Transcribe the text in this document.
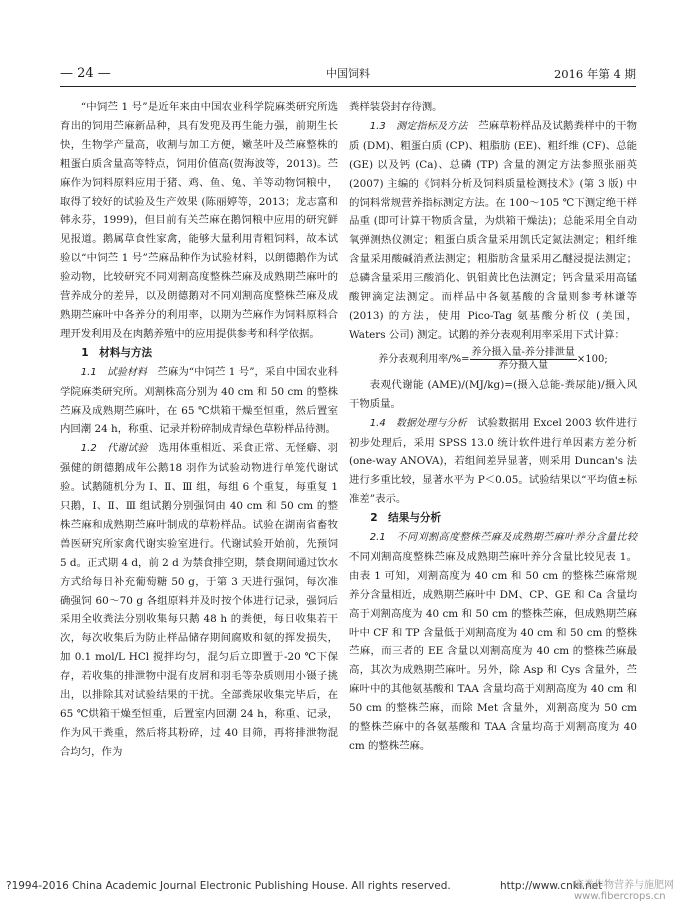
— 24 —	中国饲料	2016 年第 4 期

“中饲苎 1 号”是近年来由中国农业科学院麻类研究所选育出的饲用苎麻新品种，具有发兜及再生能力强，前期生长快，生物学产量高，收割与加工方便，嫩茎叶及苎麻整株的粗蛋白质含量高等特点，饲用价值高(贺海波等，2013)。苎麻作为饲料原料应用于猪、鸡、鱼、兔、羊等动物饲粮中，取得了较好的试验及生产效果 (陈丽婷等，2013；龙志富和韩永芬，1999)，但目前有关苎麻在鹅饲粮中应用的研究鲜见报道。鹅属草食性家禽，能够大量利用青粗饲料，故本试验以“中饲苎 1 号”苎麻品种作为试验材料，以朗德鹅作为试验动物，比较研究不同刈割高度整株苎麻及成熟期苎麻叶的营养成分的差异，以及朗德鹅对不同刈割高度整株苎麻及成熟期苎麻叶中各养分的利用率，以期为苎麻作为饲料原料合理开发利用及在肉鹅养殖中的应用提供参考和科学依据。

1　材料与方法

1.1　试验材料　 苎麻为“中饲苎 1 号”，采自中国农业科学院麻类研究所。刈割株高分别为 40 cm 和 50 cm 的整株苎麻及成熟期苎麻叶，在 65 ℃烘箱干燥至恒重，然后置室内回潮 24 h，称重、记录并粉碎制成青绿色草粉样品待测。

1.2　代谢试验　 选用体重相近、采食正常、无怪癖、羽强健的朗德鹅成年公鹅18 羽作为试验动物进行单笼代谢试验。试鹅随机分为 Ⅰ、Ⅱ、Ⅲ 组，每组 6 个重复，每重复 1 只鹅，Ⅰ、Ⅱ、Ⅲ 组试鹅分别强饲由 40 cm 和 50 cm 的整株苎麻和成熟期苎麻叶制成的草粉样品。试验在湖南省畜牧兽医研究所家禽代谢实验室进行。代谢试验开始前，先预饲 5 d。正式期 4 d，前 2 d 为禁食排空期，禁食期间通过饮水方式给每日补充葡萄糖 50 g，于第 3 天进行强饲，每次准确强饲 60～70 g 各组原料并及时按个体进行记录，强饲后采用全收粪法分别收集每只鹅 48 h 的粪便，每日收集若干次，每次收集后为防止样品储存期间腐败和氨的挥发损失，加 0.1 mol/L HCl 搅拌均匀，混匀后立即置于-20 ℃下保存，若收集的排泄物中混有皮屑和羽毛等杂质则用小镊子挑出，以排除其对试验结果的干扰。全部粪尿收集完毕后，在 65 ℃烘箱干燥至恒重，后置室内回潮 24 h，称重、记录，作为风干粪重，然后将其粉碎，过 40 目筛，再将排泄物混合均匀，作为

粪样装袋封存待测。

1.3　测定指标及方法　 苎麻草粉样品及试鹅粪样中的干物质 (DM)、粗蛋白质 (CP)、粗脂肪 (EE)、粗纤维 (CF)、总能 (GE) 以及钙 (Ca)、总磷 (TP) 含量的测定方法参照张丽英 (2007) 主编的《饲料分析及饲料质量检测技术》(第 3 版) 中的饲料常规营养指标测定方法。在 100～105 ℃下测定绝干样品重 (即可计算干物质含量，为烘箱干燥法)；总能采用全自动氧弹测热仪测定；粗蛋白质含量采用凯氏定氮法测定；粗纤维含量采用酸碱消煮法测定；粗脂肪含量采用乙醚浸提法测定；总磷含量采用三酸消化、钒钼黄比色法测定；钙含量采用高锰酸钾滴定法测定。而样品中各氨基酸的含量则参考林谦等 (2013) 的方法，使用 Pico-Tag 氨基酸分析仪 (美国，Waters 公司) 测定。试鹅的养分表观利用率采用下式计算：

养分表观利用率/%= $\frac{\text{养分摄入量-养分排泄量}}{\text{养分摄入量}} \times 100$;

表观代谢能 (AME)/(MJ/kg)=(摄入总能-粪尿能)/摄入风干物质量。

1.4　数据处理与分析　 试验数据用 Excel 2003 软件进行初步处理后，采用 SPSS 13.0 统计软件进行单因素方差分析(one-way ANOVA)，若组间差异显著，则采用 Duncan's 法进行多重比较，显著水平为 P＜0.05。试验结果以“平均值±标准差”表示。

2　结果与分析

2.1　不同刈割高度整株苎麻及成熟期苎麻叶养分含量比较　不同刈割高度整株苎麻及成熟期苎麻叶养分含量比较见表 1。由表 1 可知，刈割高度为 40 cm 和 50 cm 的整株苎麻常规养分含量相近，成熟期苎麻叶中 DM、CP、GE 和 Ca 含量均高于刈割高度为 40 cm 和 50 cm 的整株苎麻，但成熟期苎麻叶中 CF 和 TP 含量低于刈割高度为 40 cm 和 50 cm 的整株苎麻，而三者的 EE 含量以刈割高度为 40 cm 的整株苎麻最高，其次为成熟期苎麻叶。另外，除 Asp 和 Cys 含量外，苎麻叶中的其他氨基酸和 TAA 含量均高于刈割高度为 40 cm 和 50 cm 的整株苎麻，而除 Met 含量外，刈割高度为 50 cm 的整株苎麻中的各氨基酸和 TAA 含量均高于刈割高度为 40 cm 的整株苎麻。

?1994-2016 China Academic Journal Electronic Publishing House. All rights reserved.	http://www.cnki.net
麻类作物营养与施肥网
www.fibercrops.cn
